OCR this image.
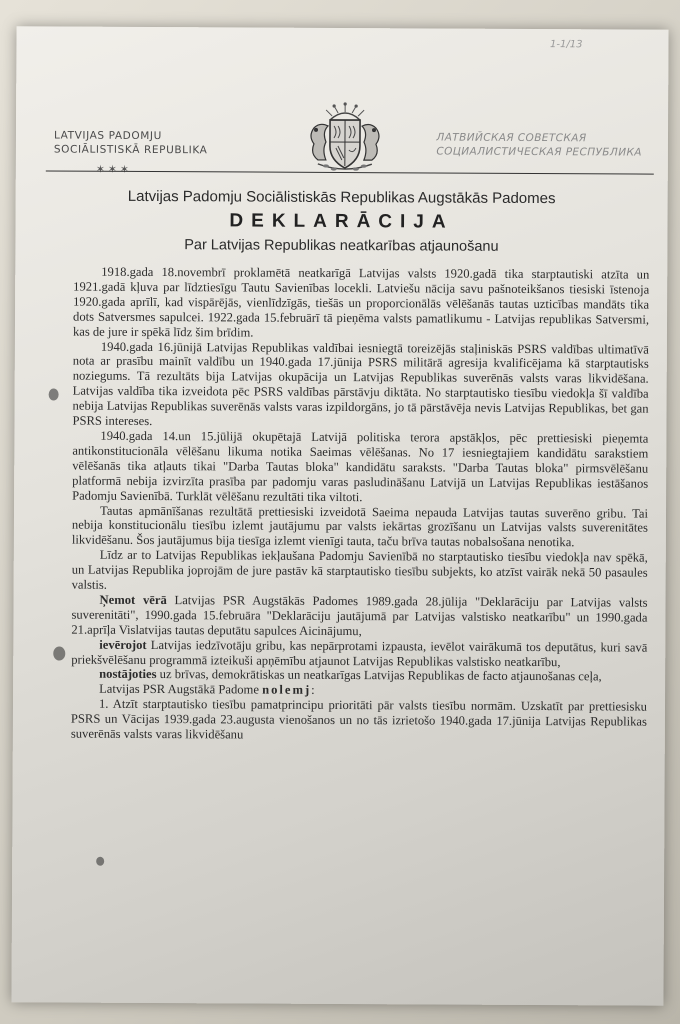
1-1/13
LATVIJAS PADOMJU
SOCIĀLISTISKĀ REPUBLIKA
ЛАТВИЙСКАЯ СОВЕТСКАЯ
СОЦИАЛИСТИЧЕСКАЯ РЕСПУБЛИКА
✶ ✶ ✶

Latvijas Padomju Sociālistiskās Republikas Augstākās Padomes

DEKLARĀCIJA

Par Latvijas Republikas neatkarības atjaunošanu

1918.gada 18.novembrī proklamētā neatkarīgā Latvijas valsts 1920.gadā tika starptautiski atzīta un 1921.gadā kļuva par līdztiesīgu Tautu Savienības locekli. Latviešu nācija savu pašnoteikšanos tiesiski īstenoja 1920.gada aprīlī, kad vispārējās, vienlīdzīgās, tiešās un proporcionālās vēlēšanās tautas uzticības mandāts tika dots Satversmes sapulcei. 1922.gada 15.februārī tā pieņēma valsts pamatlikumu - Latvijas republikas Satversmi, kas de jure ir spēkā līdz šim brīdim.

1940.gada 16.jūnijā Latvijas Republikas valdībai iesniegtā toreizējās staļiniskās PSRS valdības ultimatīvā nota ar prasību mainīt valdību un 1940.gada 17.jūnija PSRS militārā agresija kvalificējama kā starptautisks noziegums. Tā rezultāts bija Latvijas okupācija un Latvijas Republikas suverēnās valsts varas likvidēšana. Latvijas valdība tika izveidota pēc PSRS valdības pārstāvju diktāta. No starptautisko tiesību viedokļa šī valdība nebija Latvijas Republikas suverēnās valsts varas izpildorgāns, jo tā pārstāvēja nevis Latvijas Republikas, bet gan PSRS intereses.

1940.gada 14.un 15.jūlijā okupētajā Latvijā politiska terora apstākļos, pēc prettiesiski pieņemta antikonstitucionāla vēlēšanu likuma notika Saeimas vēlēšanas. No 17 iesniegtajiem kandidātu sarakstiem vēlēšanās tika atļauts tikai "Darba Tautas bloka" kandidātu saraksts. "Darba Tautas bloka" pirmsvēlēšanu platformā nebija izvirzīta prasība par padomju varas pasludināšanu Latvijā un Latvijas Republikas iestāšanos Padomju Savienībā. Turklāt vēlēšanu rezultāti tika viltoti.

Tautas apmānīšanas rezultātā prettiesiski izveidotā Saeima nepauda Latvijas tautas suverēno gribu. Tai nebija konstitucionālu tiesību izlemt jautājumu par valsts iekārtas grozīšanu un Latvijas valsts suverenitātes likvidēšanu. Šos jautājumus bija tiesīga izlemt vienīgi tauta, taču brīva tautas nobalsošana nenotika.

Līdz ar to Latvijas Republikas iekļaušana Padomju Savienībā no starptautisko tiesību viedokļa nav spēkā, un Latvijas Republika joprojām de jure pastāv kā starptautisko tiesību subjekts, ko atzīst vairāk nekā 50 pasaules valstis.

Ņemot vērā Latvijas PSR Augstākās Padomes 1989.gada 28.jūlija "Deklarāciju par Latvijas valsts suverenitāti", 1990.gada 15.februāra "Deklarāciju jautājumā par Latvijas valstisko neatkarību" un 1990.gada 21.aprīļa Vislatvijas tautas deputātu sapulces Aicinājumu,

ievērojot Latvijas iedzīvotāju gribu, kas nepārprotami izpausta, ievēlot vairākumā tos deputātus, kuri savā priekšvēlēšanu programmā izteikuši apņēmību atjaunot Latvijas Republikas valstisko neatkarību,

nostājoties uz brīvas, demokrātiskas un neatkarīgas Latvijas Republikas de facto atjaunošanas ceļa,

Latvijas PSR Augstākā Padome nolemj:

1. Atzīt starptautisko tiesību pamatprincipu prioritāti pār valsts tiesību normām. Uzskatīt par prettiesisku PSRS un Vācijas 1939.gada 23.augusta vienošanos un no tās izrietošo 1940.gada 17.jūnija Latvijas Republikas suverēnās valsts varas likvidēšanu
